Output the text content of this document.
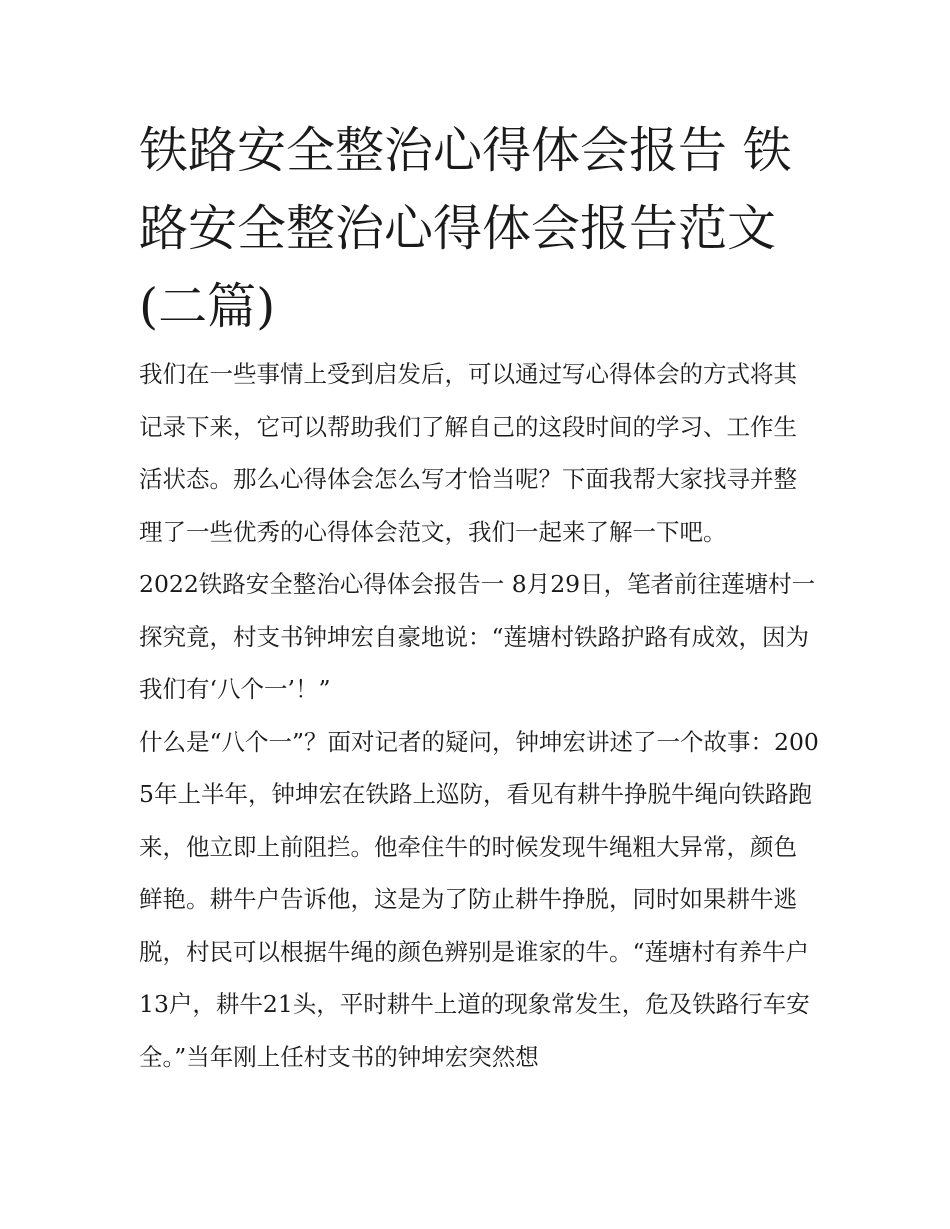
铁路安全整治心得体会报告 铁路安全整治心得体会报告范文(二篇)

我们在一些事情上受到启发后，可以通过写心得体会的方式将其记录下来，它可以帮助我们了解自己的这段时间的学习、工作生活状态。那么心得体会怎么写才恰当呢？下面我帮大家找寻并整理了一些优秀的心得体会范文，我们一起来了解一下吧。

2022铁路安全整治心得体会报告一 8月29日，笔者前往莲塘村一探究竟，村支书钟坤宏自豪地说：“莲塘村铁路护路有成效，因为我们有‘八个一’！”

什么是“八个一”？面对记者的疑问，钟坤宏讲述了一个故事：2005年上半年，钟坤宏在铁路上巡防，看见有耕牛挣脱牛绳向铁路跑来，他立即上前阻拦。他牵住牛的时候发现牛绳粗大异常，颜色鲜艳。耕牛户告诉他，这是为了防止耕牛挣脱，同时如果耕牛逃脱，村民可以根据牛绳的颜色辨别是谁家的牛。“莲塘村有养牛户13户，耕牛21头，平时耕牛上道的现象常发生，危及铁路行车安全。”当年刚上任村支书的钟坤宏突然想
